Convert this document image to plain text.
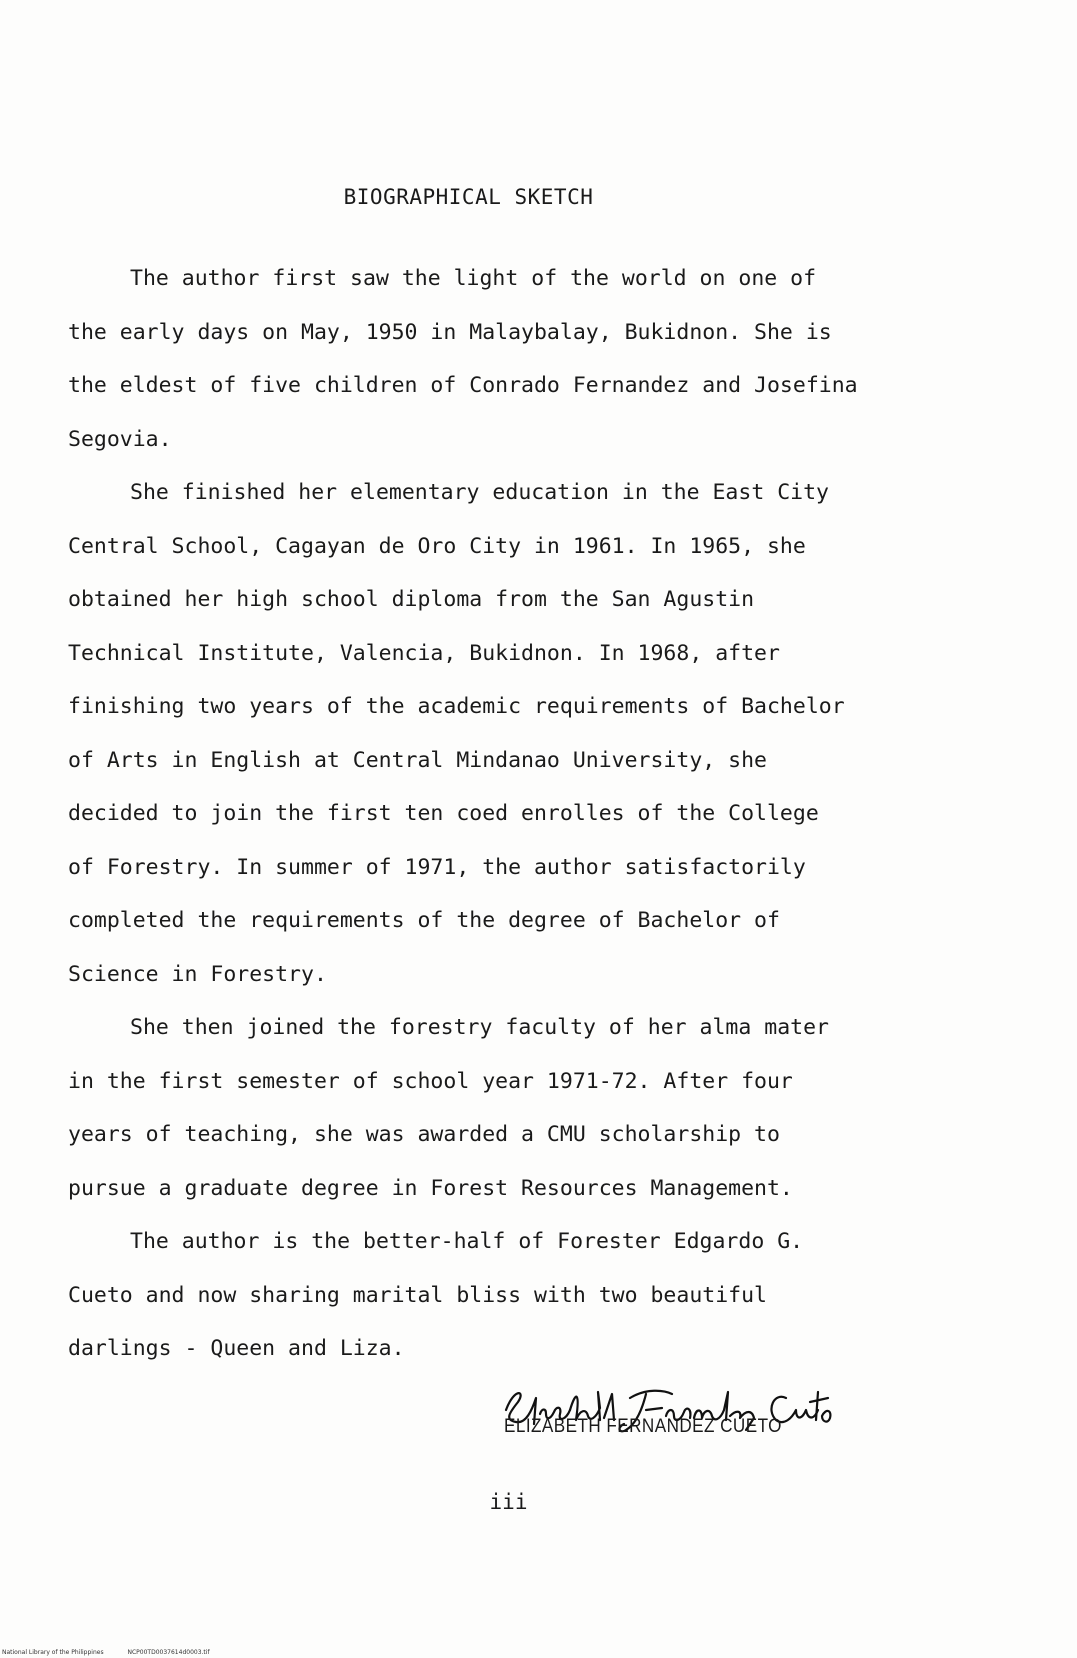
BIOGRAPHICAL SKETCH
The author first saw the light of the world on one of
the early days on May, 1950 in Malaybalay, Bukidnon. She is
the eldest of five children of Conrado Fernandez and Josefina
Segovia.
She finished her elementary education in the East City
Central School, Cagayan de Oro City in 1961. In 1965, she
obtained her high school diploma from the San Agustin
Technical Institute, Valencia, Bukidnon. In 1968, after
finishing two years of the academic requirements of Bachelor
of Arts in English at Central Mindanao University, she
decided to join the first ten coed enrolles of the College
of Forestry. In summer of 1971, the author satisfactorily
completed the requirements of the degree of Bachelor of
Science in Forestry.
She then joined the forestry faculty of her alma mater
in the first semester of school year 1971-72. After four
years of teaching, she was awarded a CMU scholarship to
pursue a graduate degree in Forest Resources Management.
The author is the better-half of Forester Edgardo G.
Cueto and now sharing marital bliss with two beautiful
darlings - Queen and Liza.
ELIZABETH FERNANDEZ CUETO
iii
National Library of the Philippines	NCP00TD0037614d0003.tif
